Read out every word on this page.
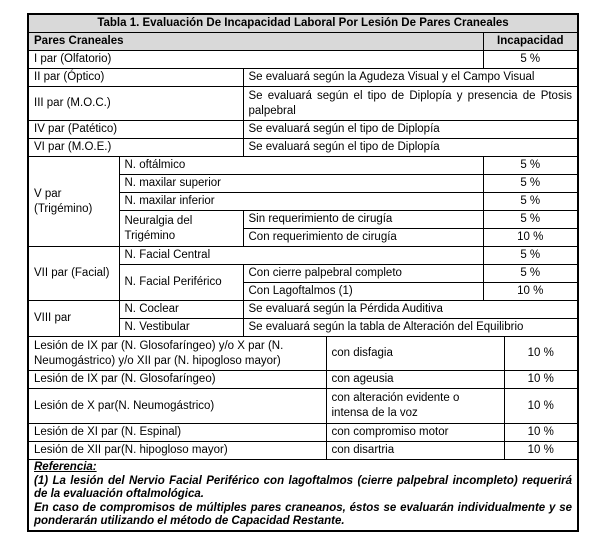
Tabla 1. Evaluación De Incapacidad Laboral Por Lesión De Pares Craneales					
Pares Craneales				Incapacidad	
I par (Olfatorio)				5 %	
II par (Óptico)		Se evaluará según la Agudeza Visual y el Campo Visual			
III par (M.O.C.)		Se evaluará según el tipo de Diplopía y presencia de Ptosis palpebral			
IV par (Patético)		Se evaluará según el tipo de Diplopía			
VI par (M.O.E.)		Se evaluará según el tipo de Diplopía			
V par (Trigémino)	N. oftálmico			5 %	
	N. maxilar superior			5 %	
	N. maxilar inferior			5 %	
	Neuralgia del Trigémino	Sin requerimiento de cirugía		5 %	
		Con requerimiento de cirugía		10 %	
VII par (Facial)	N. Facial Central			5 %	
	N. Facial Periférico	Con cierre palpebral completo		5 %	
		Con Lagoftalmos (1)		10 %	
VIII par	N. Coclear	Se evaluará según la Pérdida Auditiva			
	N. Vestibular	Se evaluará según la tabla de Alteración del Equilibrio			
Lesión de IX par (N. Glosofaríngeo) y/o X par (N. Neumogástrico) y/o XII par (N. hipogloso mayor)			con disfagia		10 %
Lesión de IX par (N. Glosofaríngeo)			con ageusia		10 %
Lesión de X par(N. Neumogástrico)			con alteración evidente o intensa de la voz		10 %
Lesión de XI par (N. Espinal)			con compromiso motor		10 %
Lesión de XII par(N. hipogloso mayor)			con disartria		10 %

Referencia:
(1) La lesión del Nervio Facial Periférico con lagoftalmos (cierre palpebral incompleto) requerirá de la evaluación oftalmológica.
En caso de compromisos de múltiples pares craneanos, éstos se evaluarán individualmente y se ponderarán utilizando el método de Capacidad Restante.					
